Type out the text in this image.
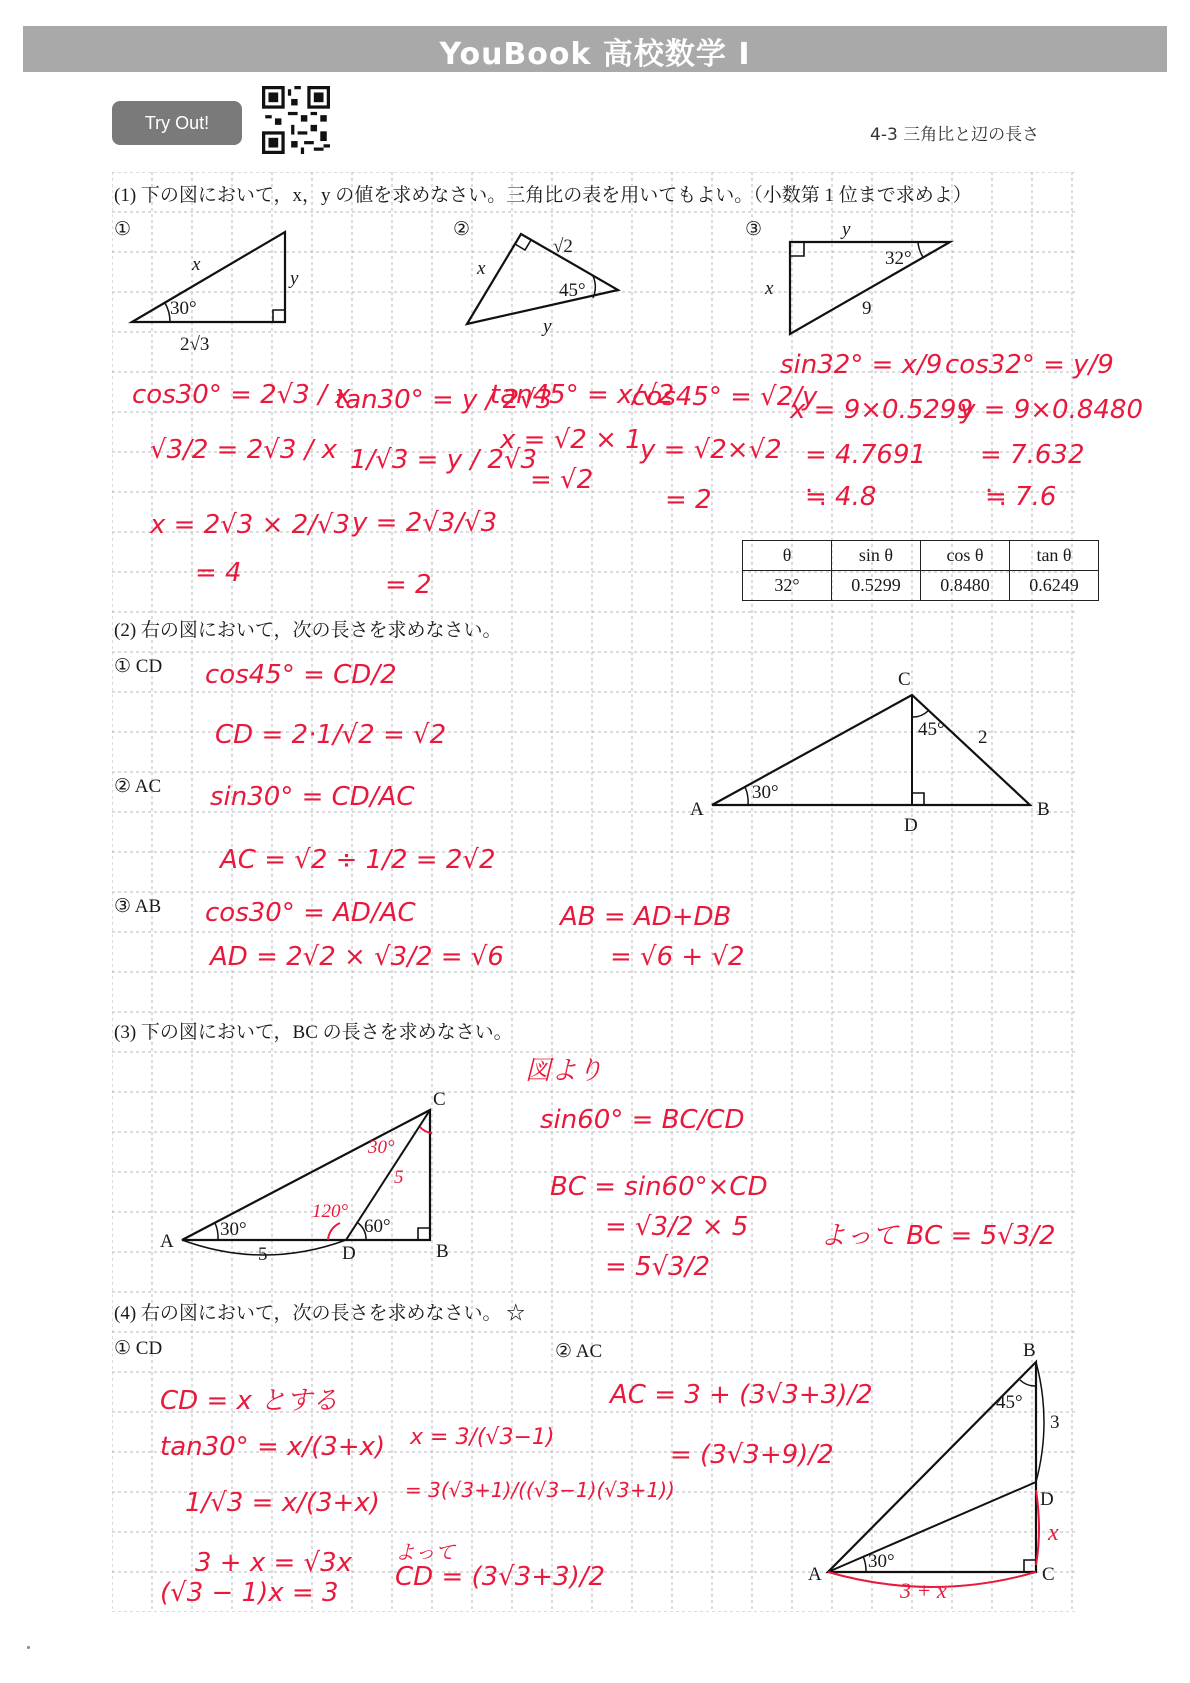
YouBook 高校数学 I
Try Out!
4-3 三角比と辺の長さ
(1) 下の図において，x，y の値を求めなさい。三角比の表を用いてもよい。（小数第 1 位まで求めよ）
①	②	③
x
y
30°
2√3
x
√2
45°
y
y
32°
x
9
cos30° = 2√3 / x
√3/2 = 2√3 / x
x = 2√3 × 2/√3
= 4
tan30° = y / 2√3
1/√3 = y / 2√3
y = 2√3/√3
= 2
tan45° = x/√2
x = √2 × 1
= √2
cos45° = √2/y
y = √2×√2
= 2
sin32° = x/9
x = 9×0.5299
= 4.7691
≒ 4.8
cos32° = y/9
y = 9×0.8480
= 7.632
≒ 7.6
θ	sin θ	cos θ	tan θ
32°	0.5299	0.8480	0.6249
(2) 右の図において，次の長さを求めなさい。
① CD
② AC
③ AB
C
45° 2
30°
A	B
D
cos45° = CD/2
CD = 2·1/√2 = √2
sin30° = CD/AC
AC = √2 ÷ 1/2 = 2√2
cos30° = AD/AC
AD = 2√2 × √3/2 = √6
AB = AD+DB
= √6 + √2
(3) 下の図において，BC の長さを求めなさい。
C
30°	60°
A
D	B
5
30°
5
120°
図より
sin60° = BC/CD
BC = sin60°×CD
= √3/2 × 5
= 5√3/2
よって BC = 5√3/2
(4) 右の図において，次の長さを求めなさい。 ☆
① CD	② AC	B
45°
3
D
30°
A	C
x
3 + x
CD = x とする
tan30° = x/(3+x)
1/√3 = x/(3+x)
3 + x = √3x
(√3 − 1)x = 3
x = 3/(√3−1)
= 3(√3+1)/((√3−1)(√3+1))
よって
CD = (3√3+3)/2
AC = 3 + (3√3+3)/2
= (3√3+9)/2
